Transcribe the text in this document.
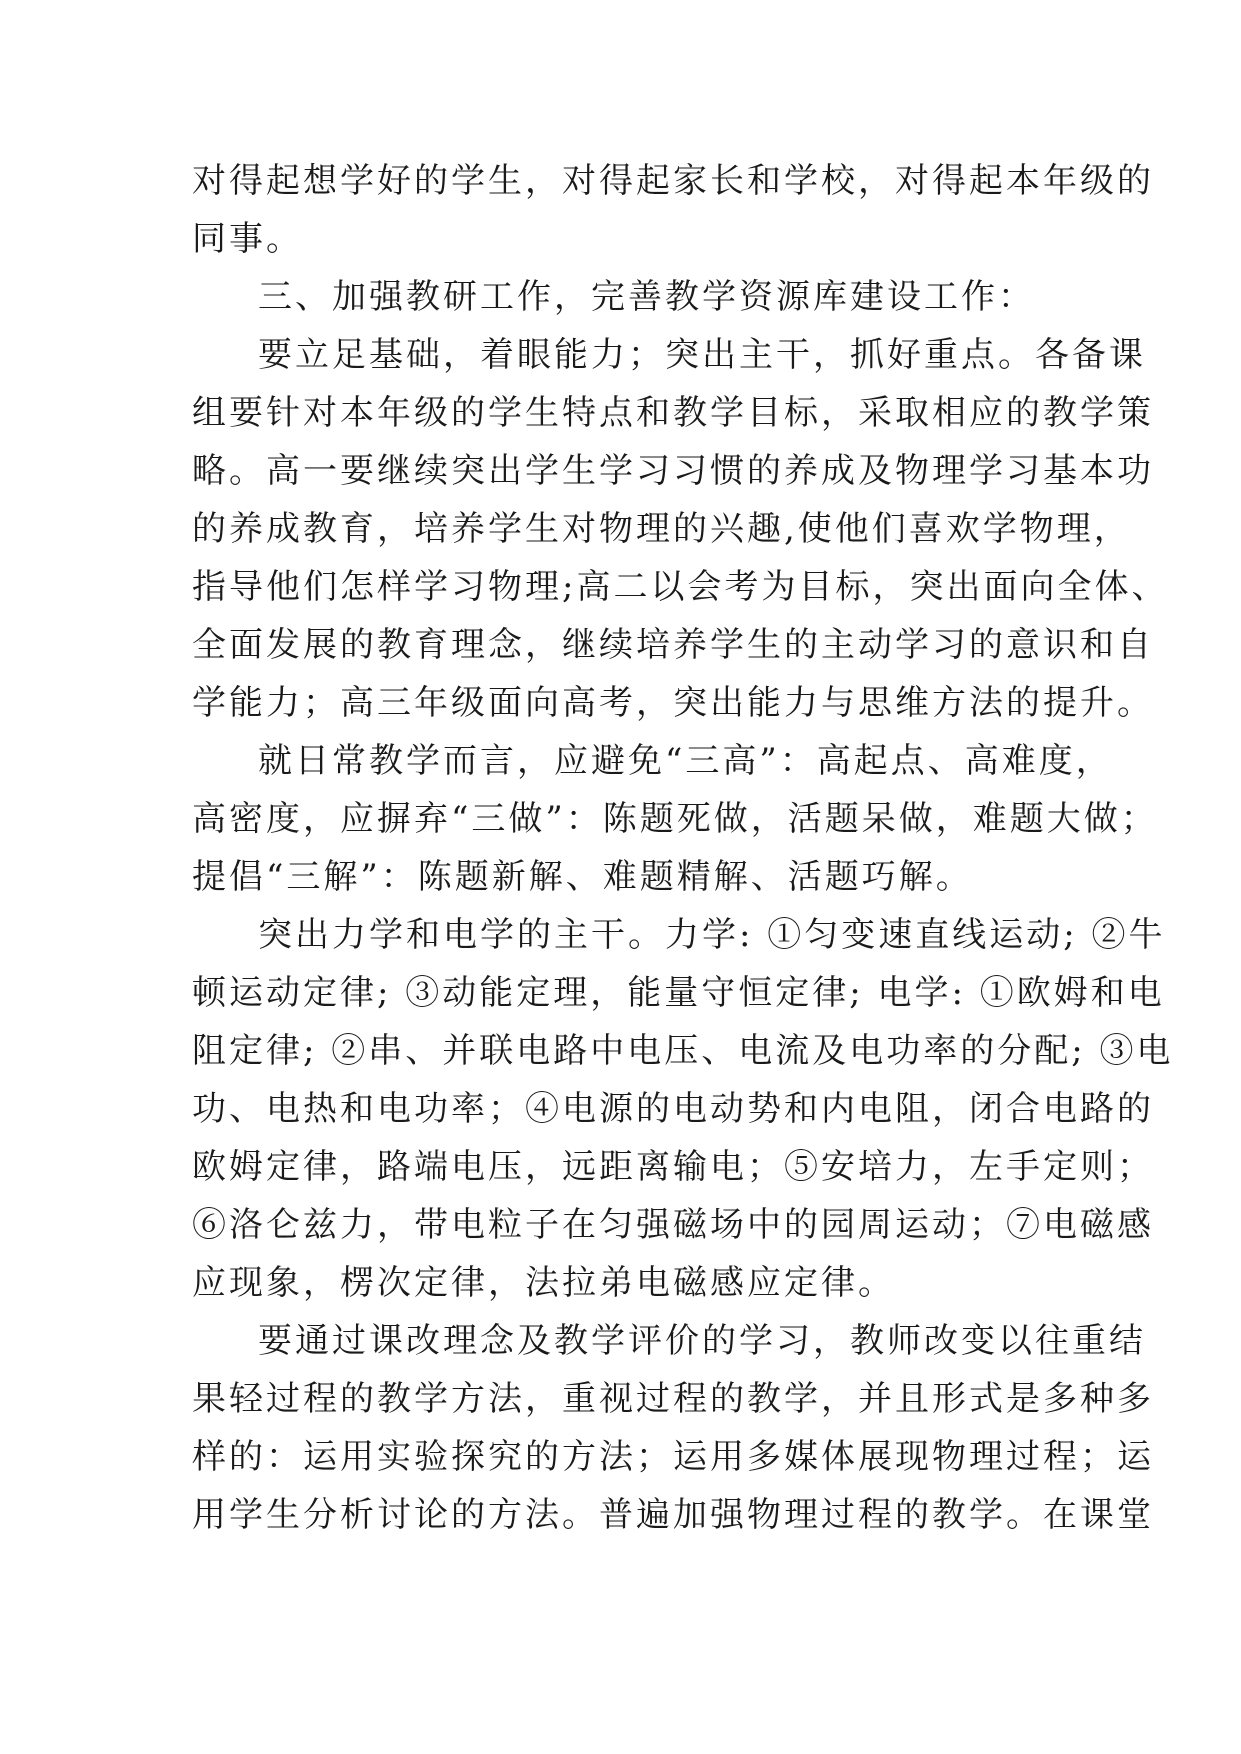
对得起想学好的学生，对得起家长和学校，对得起本年级的
同事。
三、加强教研工作，完善教学资源库建设工作：
要立足基础，着眼能力；突出主干，抓好重点。各备课
组要针对本年级的学生特点和教学目标，采取相应的教学策
略。高一要继续突出学生学习习惯的养成及物理学习基本功
的养成教育，培养学生对物理的兴趣,使他们喜欢学物理，
指导他们怎样学习物理;高二以会考为目标，突出面向全体、
全面发展的教育理念，继续培养学生的主动学习的意识和自
学能力；高三年级面向高考，突出能力与思维方法的提升。
就日常教学而言，应避免“三高”：高起点、高难度，
高密度，应摒弃“三做”：陈题死做，活题呆做，难题大做；
提倡“三解”：陈题新解、难题精解、活题巧解。
突出力学和电学的主干。力学: ①匀变速直线运动; ②牛
顿运动定律; ③动能定理，能量守恒定律; 电学: ①欧姆和电
阻定律; ②串、并联电路中电压、电流及电功率的分配; ③电
功、电热和电功率；④电源的电动势和内电阻，闭合电路的
欧姆定律，路端电压，远距离输电；⑤安培力，左手定则；
⑥洛仑兹力，带电粒子在匀强磁场中的园周运动；⑦电磁感
应现象，楞次定律，法拉弟电磁感应定律。
要通过课改理念及教学评价的学习，教师改变以往重结
果轻过程的教学方法，重视过程的教学，并且形式是多种多
样的：运用实验探究的方法；运用多媒体展现物理过程；运
用学生分析讨论的方法。普遍加强物理过程的教学。在课堂
